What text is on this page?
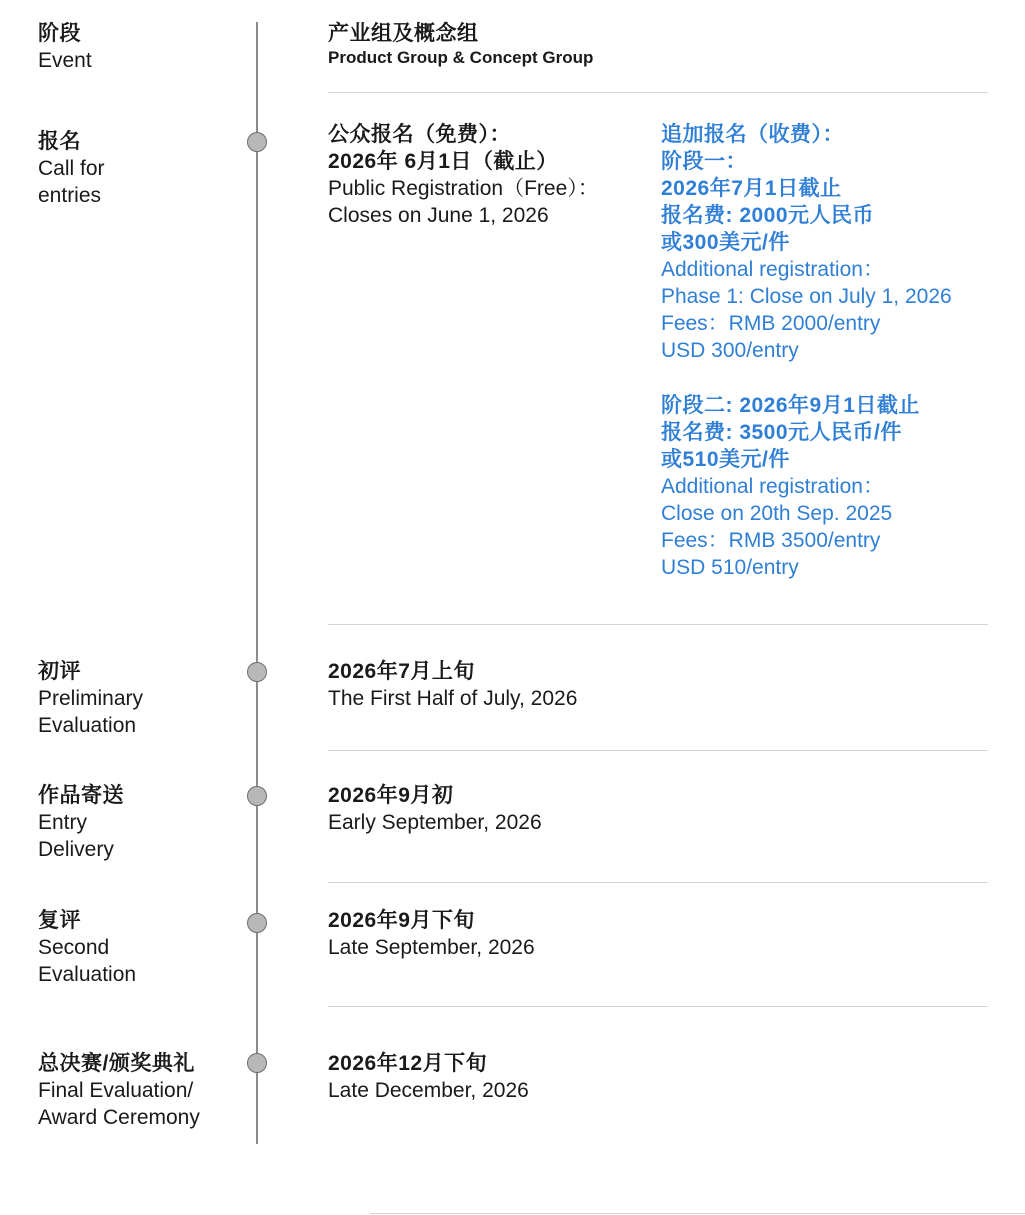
阶段
Event
产业组及概念组
Product Group & Concept Group
报名
Call for
entries
公众报名（免费）：
2026年 6月1日（截止）
Public Registration（Free）：
Closes on June 1, 2026
追加报名（收费）：
阶段一：
2026年7月1日截止
报名费: 2000元人民币
或300美元/件
Additional registration：
Phase 1: Close on July 1, 2026
Fees：RMB 2000/entry
USD 300/entry
阶段二: 2026年9月1日截止
报名费: 3500元人民币/件
或510美元/件
Additional registration：
Close on 20th Sep. 2025
Fees：RMB 3500/entry
USD 510/entry
初评
Preliminary
Evaluation
2026年7月上旬
The First Half of July, 2026
作品寄送
Entry
Delivery
2026年9月初
Early September, 2026
复评
Second
Evaluation
2026年9月下旬
Late September, 2026
总决赛/颁奖典礼
Final Evaluation/
Award Ceremony
2026年12月下旬
Late December, 2026
